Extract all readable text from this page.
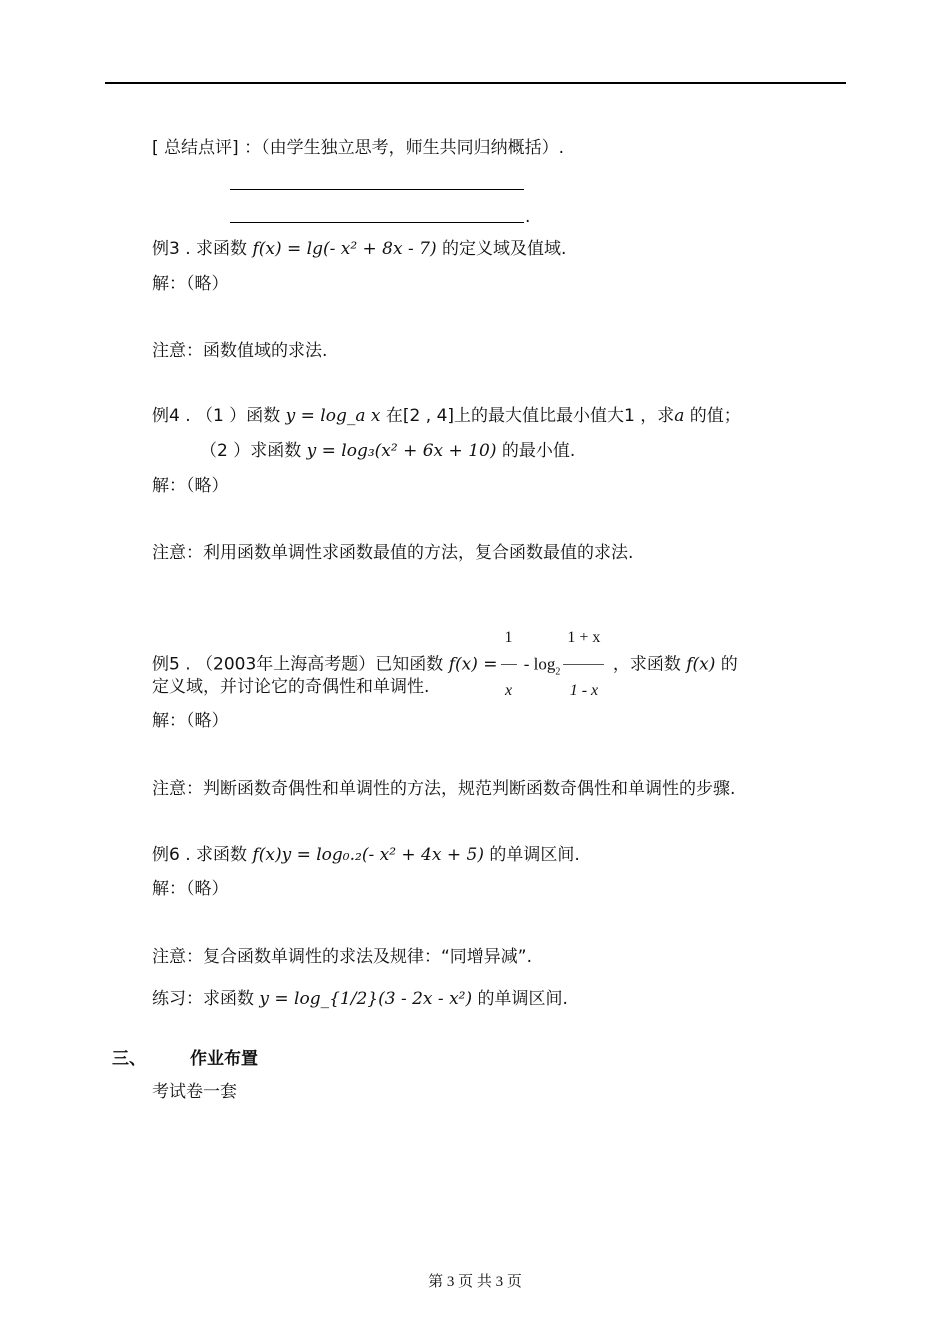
[ 总结点评] ：（由学生独立思考，师生共同归纳概括）.
.
例3 . 求函数 f(x) = lg(- x² + 8x - 7) 的定义域及值域.
解：（略）
注意：函数值域的求法.
例4 . （1 ）函数 y = log_a x 在[2 , 4]上的最大值比最小值大1 ，求a 的值；
（2 ）求函数 y = log₃(x² + 6x + 10) 的最小值.
解：（略）
注意：利用函数单调性求函数最值的方法，复合函数最值的求法.
例5 . （2003年上海高考题）已知函数 $f(x) = \frac{1}{x} - \log_2 \frac{1 + x}{1 - x}$ ，求函数 f(x) 的
定义域，并讨论它的奇偶性和单调性.
解：（略）
注意：判断函数奇偶性和单调性的方法，规范判断函数奇偶性和单调性的步骤.
例6 . 求函数 f(x)y = log₀.₂(- x² + 4x + 5) 的单调区间.
解：（略）
注意：复合函数单调性的求法及规律：“同增异减”.
练习：求函数 y = log_{1/2}(3 - 2x - x²) 的单调区间.
三、	作业布置
考试卷一套
第 3 页 共 3 页
